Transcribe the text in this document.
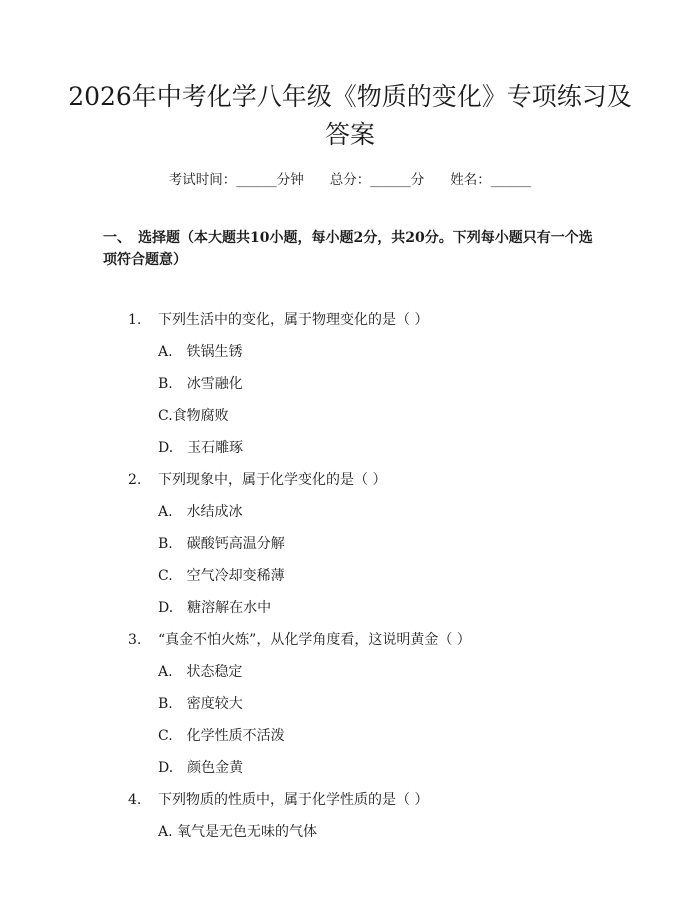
2026年中考化学八年级《物质的变化》专项练习及答案
考试时间：______分钟 总分：______分 姓名：______

一、　选择题（本大题共10小题，每小题2分，共20分。下列每小题只有一个选项符合题意）

1. 下列生活中的变化，属于物理变化的是（ ）
A.　铁锅生锈
B.　冰雪融化
C.食物腐败
D.　玉石雕琢
2. 下列现象中，属于化学变化的是（ ）
A.　水结成冰
B.　碳酸钙高温分解
C.　空气冷却变稀薄
D.　糖溶解在水中
3. “真金不怕火炼”，从化学角度看，这说明黄金（ ）
A.　状态稳定
B.　密度较大
C.　化学性质不活泼
D.　颜色金黄
4. 下列物质的性质中，属于化学性质的是（ ）
A. 氧气是无色无味的气体
